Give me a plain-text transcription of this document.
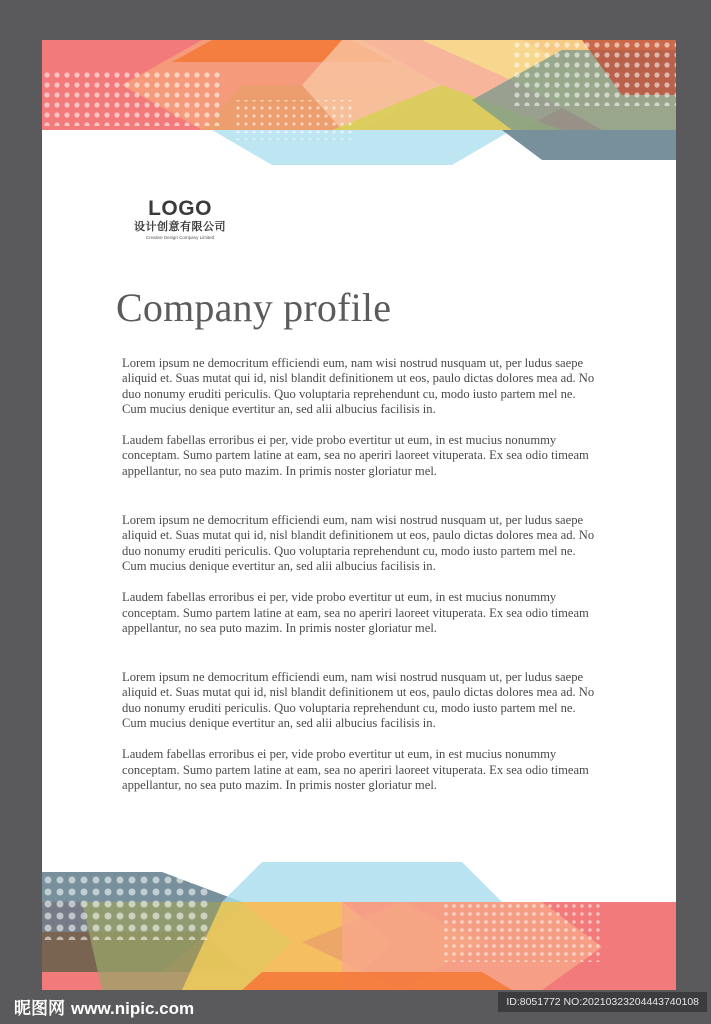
LOGO
设计创意有限公司
Creative Design Company Limited
Company profile

Lorem ipsum ne democritum efficiendi eum, nam wisi nostrud nusquam ut, per ludus saepe aliquid et. Suas mutat qui id, nisl blandit definitionem ut eos, paulo dictas dolores mea ad. No duo nonumy eruditi periculis. Quo voluptaria reprehendunt cu, modo iusto partem mel ne. Cum mucius denique evertitur an, sed alii albucius facilisis in.

Laudem fabellas erroribus ei per, vide probo evertitur ut eum, in est mucius nonummy conceptam. Sumo partem latine at eam, sea no aperiri laoreet vituperata. Ex sea odio timeam appellantur, no sea puto mazim. In primis noster gloriatur mel.

Lorem ipsum ne democritum efficiendi eum, nam wisi nostrud nusquam ut, per ludus saepe aliquid et. Suas mutat qui id, nisl blandit definitionem ut eos, paulo dictas dolores mea ad. No duo nonumy eruditi periculis. Quo voluptaria reprehendunt cu, modo iusto partem mel ne. Cum mucius denique evertitur an, sed alii albucius facilisis in.

Laudem fabellas erroribus ei per, vide probo evertitur ut eum, in est mucius nonummy conceptam. Sumo partem latine at eam, sea no aperiri laoreet vituperata. Ex sea odio timeam appellantur, no sea puto mazim. In primis noster gloriatur mel.

Lorem ipsum ne democritum efficiendi eum, nam wisi nostrud nusquam ut, per ludus saepe aliquid et. Suas mutat qui id, nisl blandit definitionem ut eos, paulo dictas dolores mea ad. No duo nonumy eruditi periculis. Quo voluptaria reprehendunt cu, modo iusto partem mel ne. Cum mucius denique evertitur an, sed alii albucius facilisis in.

Laudem fabellas erroribus ei per, vide probo evertitur ut eum, in est mucius nonummy conceptam. Sumo partem latine at eam, sea no aperiri laoreet vituperata. Ex sea odio timeam appellantur, no sea puto mazim. In primis noster gloriatur mel.

昵图网 www.nipic.com	ID:8051772 NO:20210323204443740108
